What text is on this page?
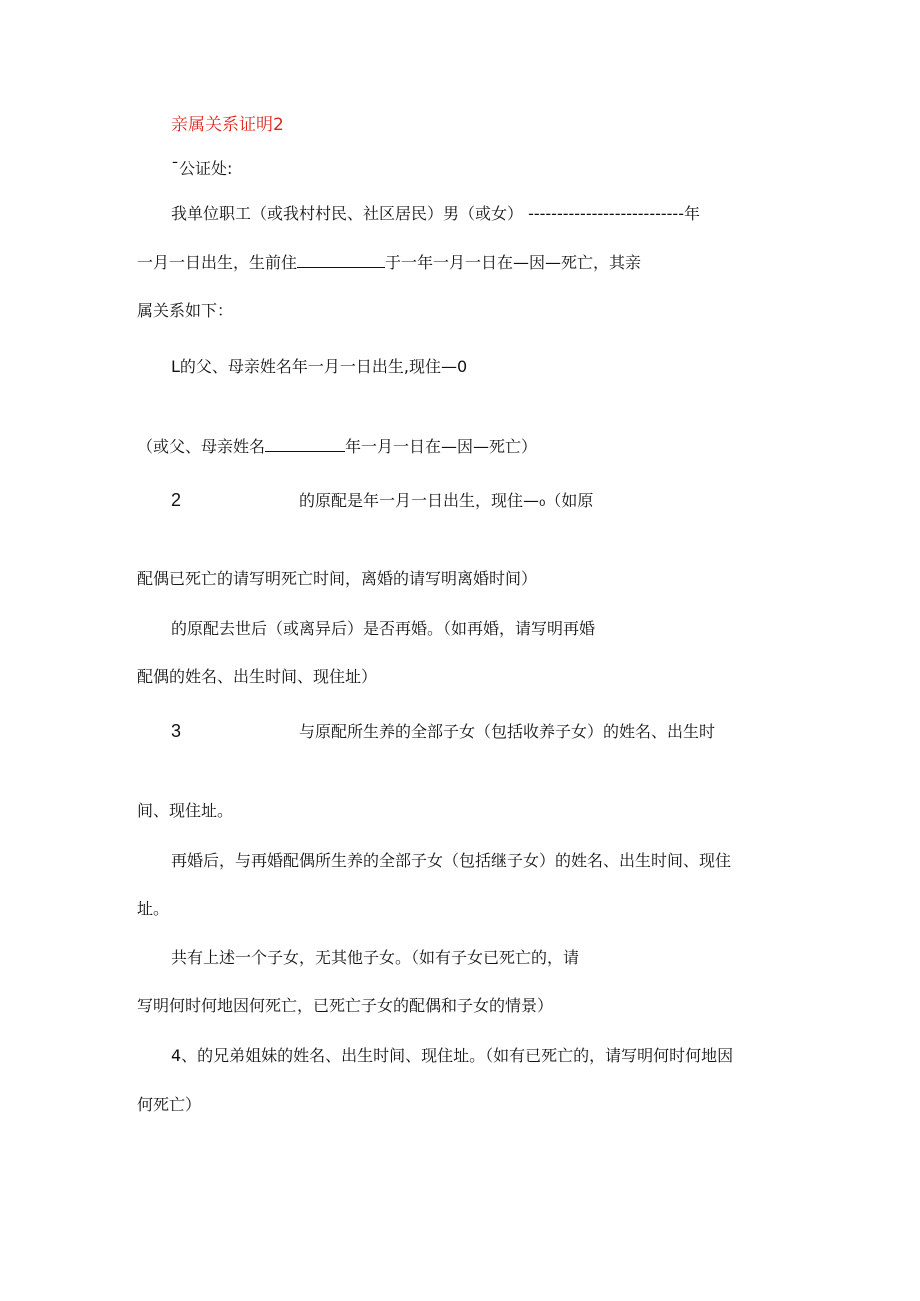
亲属关系证明2
¯公证处:
我单位职工（或我村村民、社区居民）男（或女） ---------------------------年
一月一日出生，生前住	于一年一月一日在—因—死亡，其亲
属关系如下：
L的父、母亲姓名年一月一日出生,现住—0
（或父、母亲姓名	年一月一日在—因—死亡）
2	的原配是年一月一日出生，现住—₀（如原
配偶已死亡的请写明死亡时间，离婚的请写明离婚时间）
的原配去世后（或离异后）是否再婚。（如再婚，请写明再婚
配偶的姓名、出生时间、现住址）
3	与原配所生养的全部子女（包括收养子女）的姓名、出生时
间、现住址。
再婚后，与再婚配偶所生养的全部子女（包括继子女）的姓名、出生时间、现住
址。
共有上述一个子女，无其他子女。（如有子女已死亡的，请
写明何时何地因何死亡，已死亡子女的配偶和子女的情景）
4、的兄弟姐妹的姓名、出生时间、现住址。（如有已死亡的，请写明何时何地因
何死亡）
